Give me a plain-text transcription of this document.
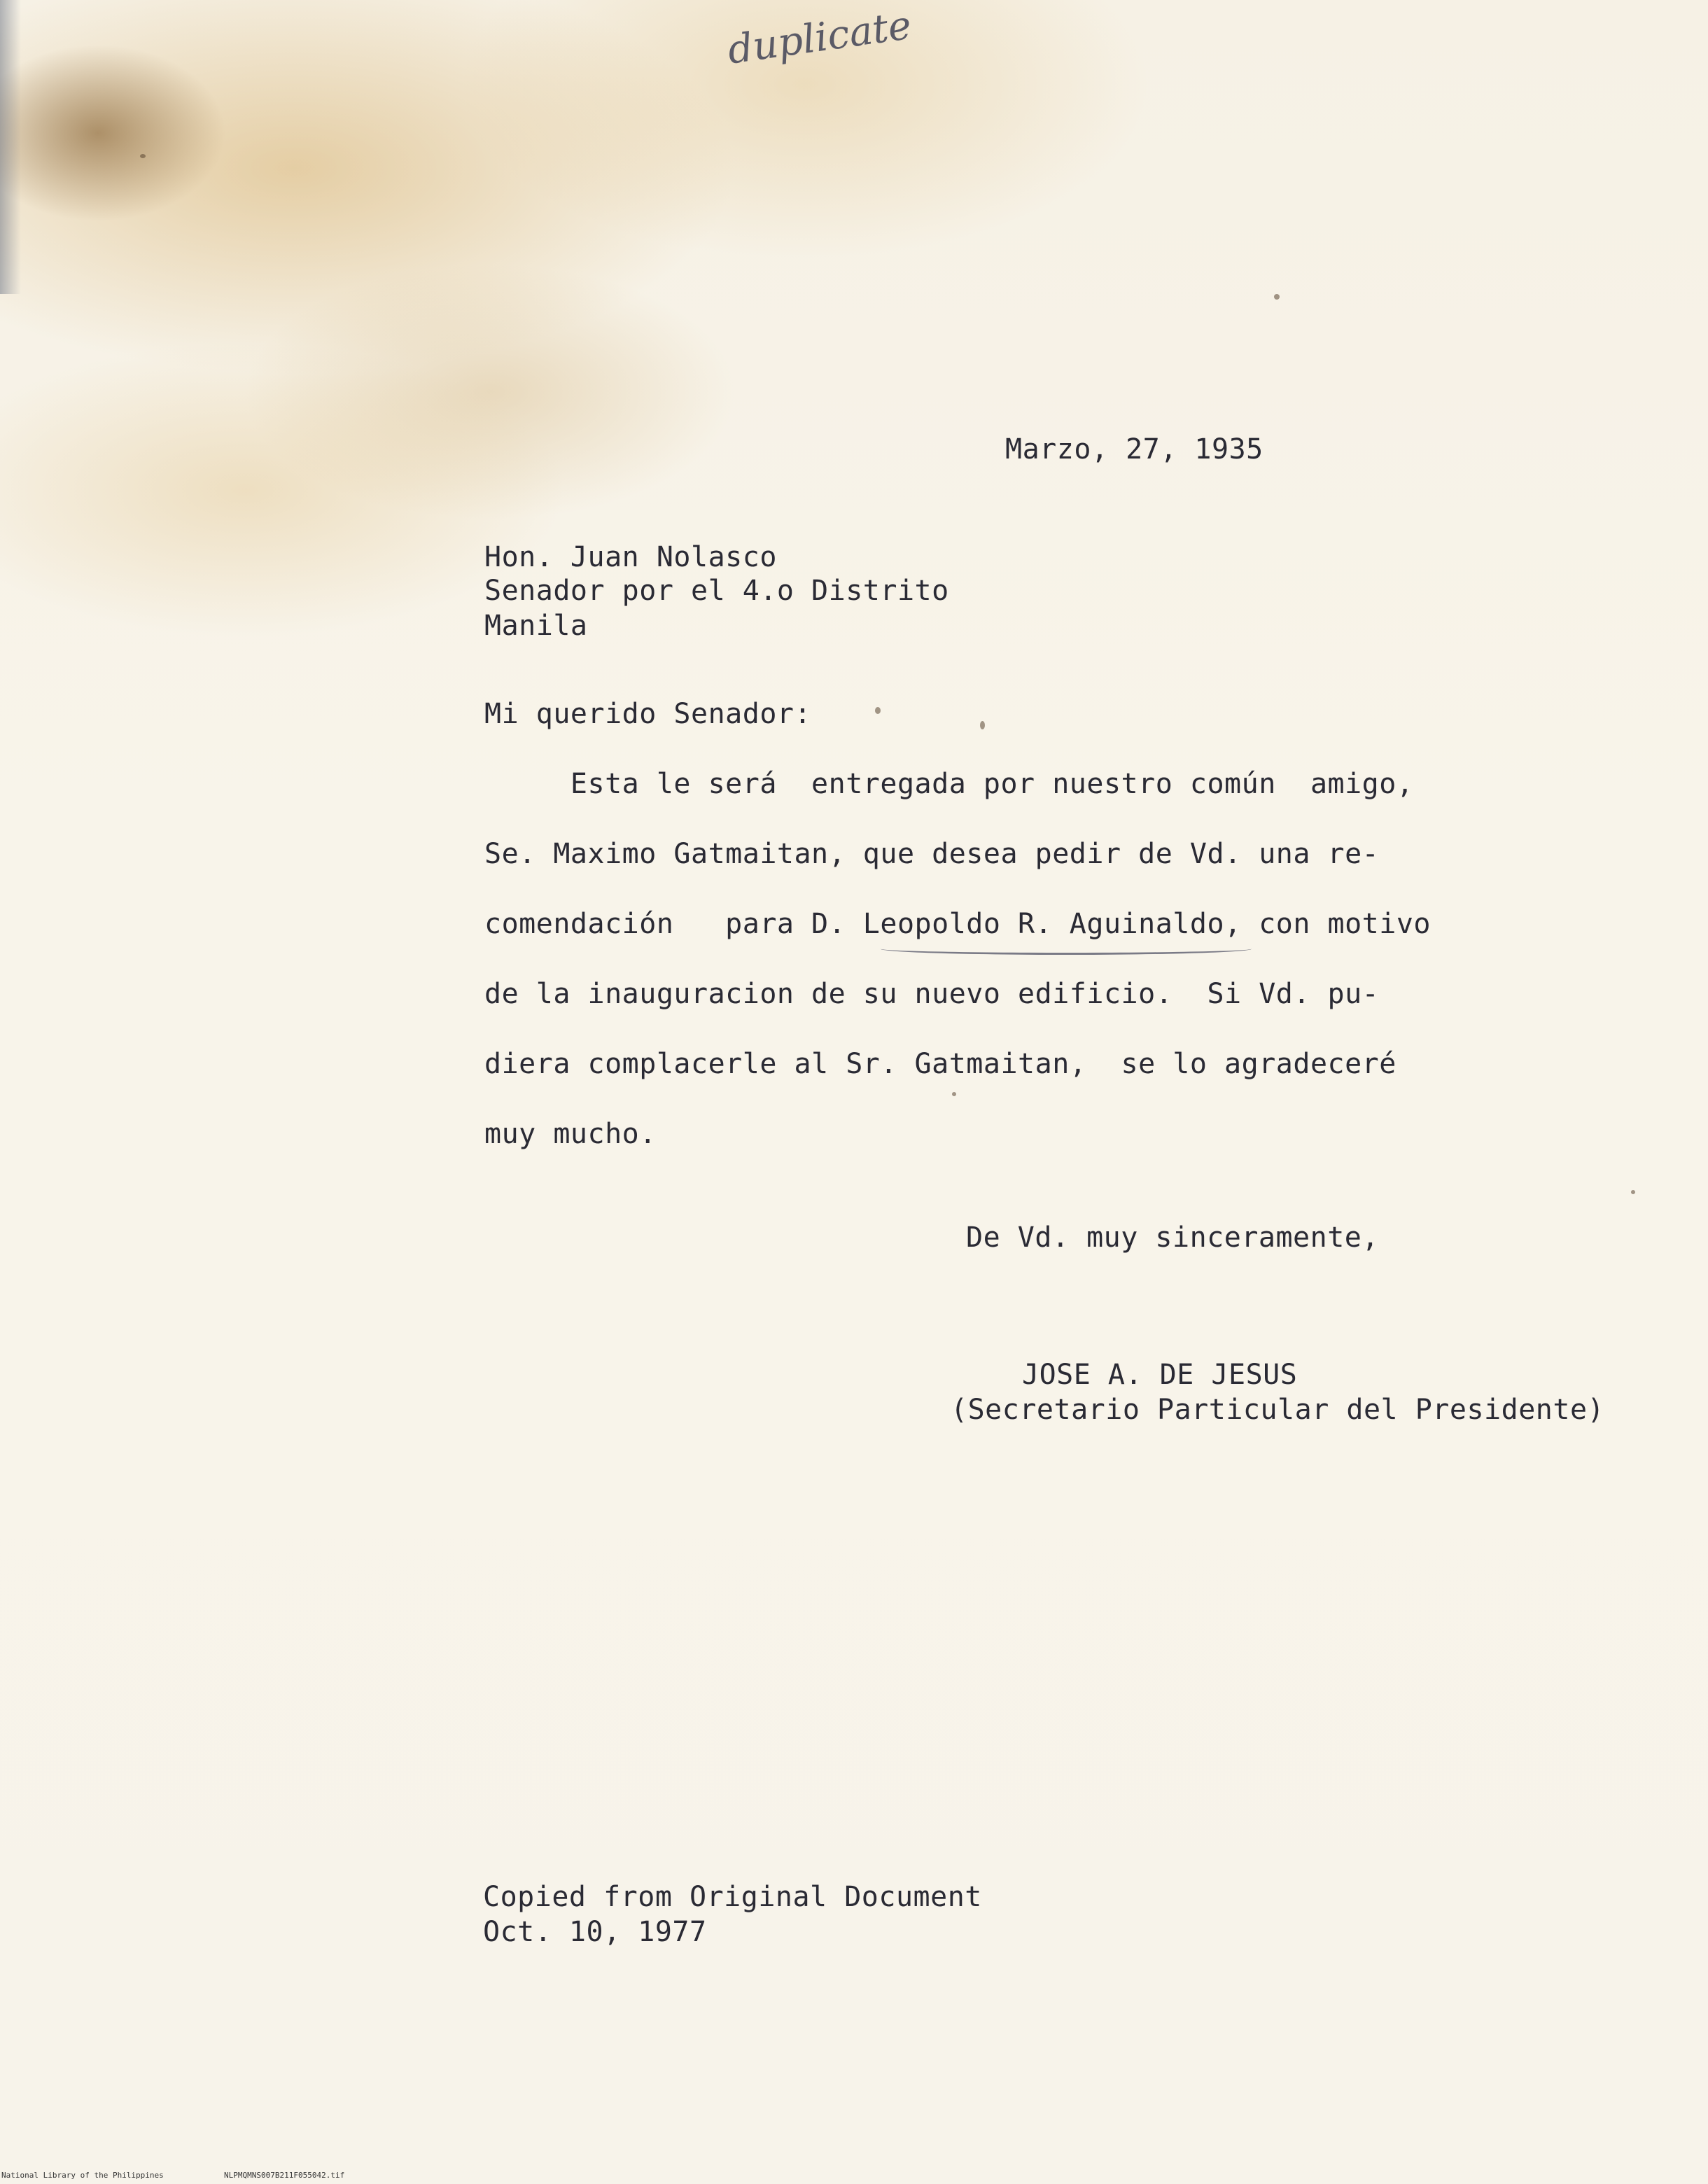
duplicate
Marzo, 27, 1935
Hon. Juan Nolasco
Senador por el 4.o Distrito
Manila
Mi querido Senador:
Esta le será  entregada por nuestro común  amigo,
Se. Maximo Gatmaitan, que desea pedir de Vd. una re-
comendación   para D. Leopoldo R. Aguinaldo, con motivo
de la inauguracion de su nuevo edificio.  Si Vd. pu-
diera complacerle al Sr. Gatmaitan,  se lo agradeceré
muy mucho.
De Vd. muy sinceramente,
JOSE A. DE JESUS
(Secretario Particular del Presidente)
Copied from Original Document
Oct. 10, 1977
National Library of the Philippines	NLPMQMNS007B211F055042.tif
